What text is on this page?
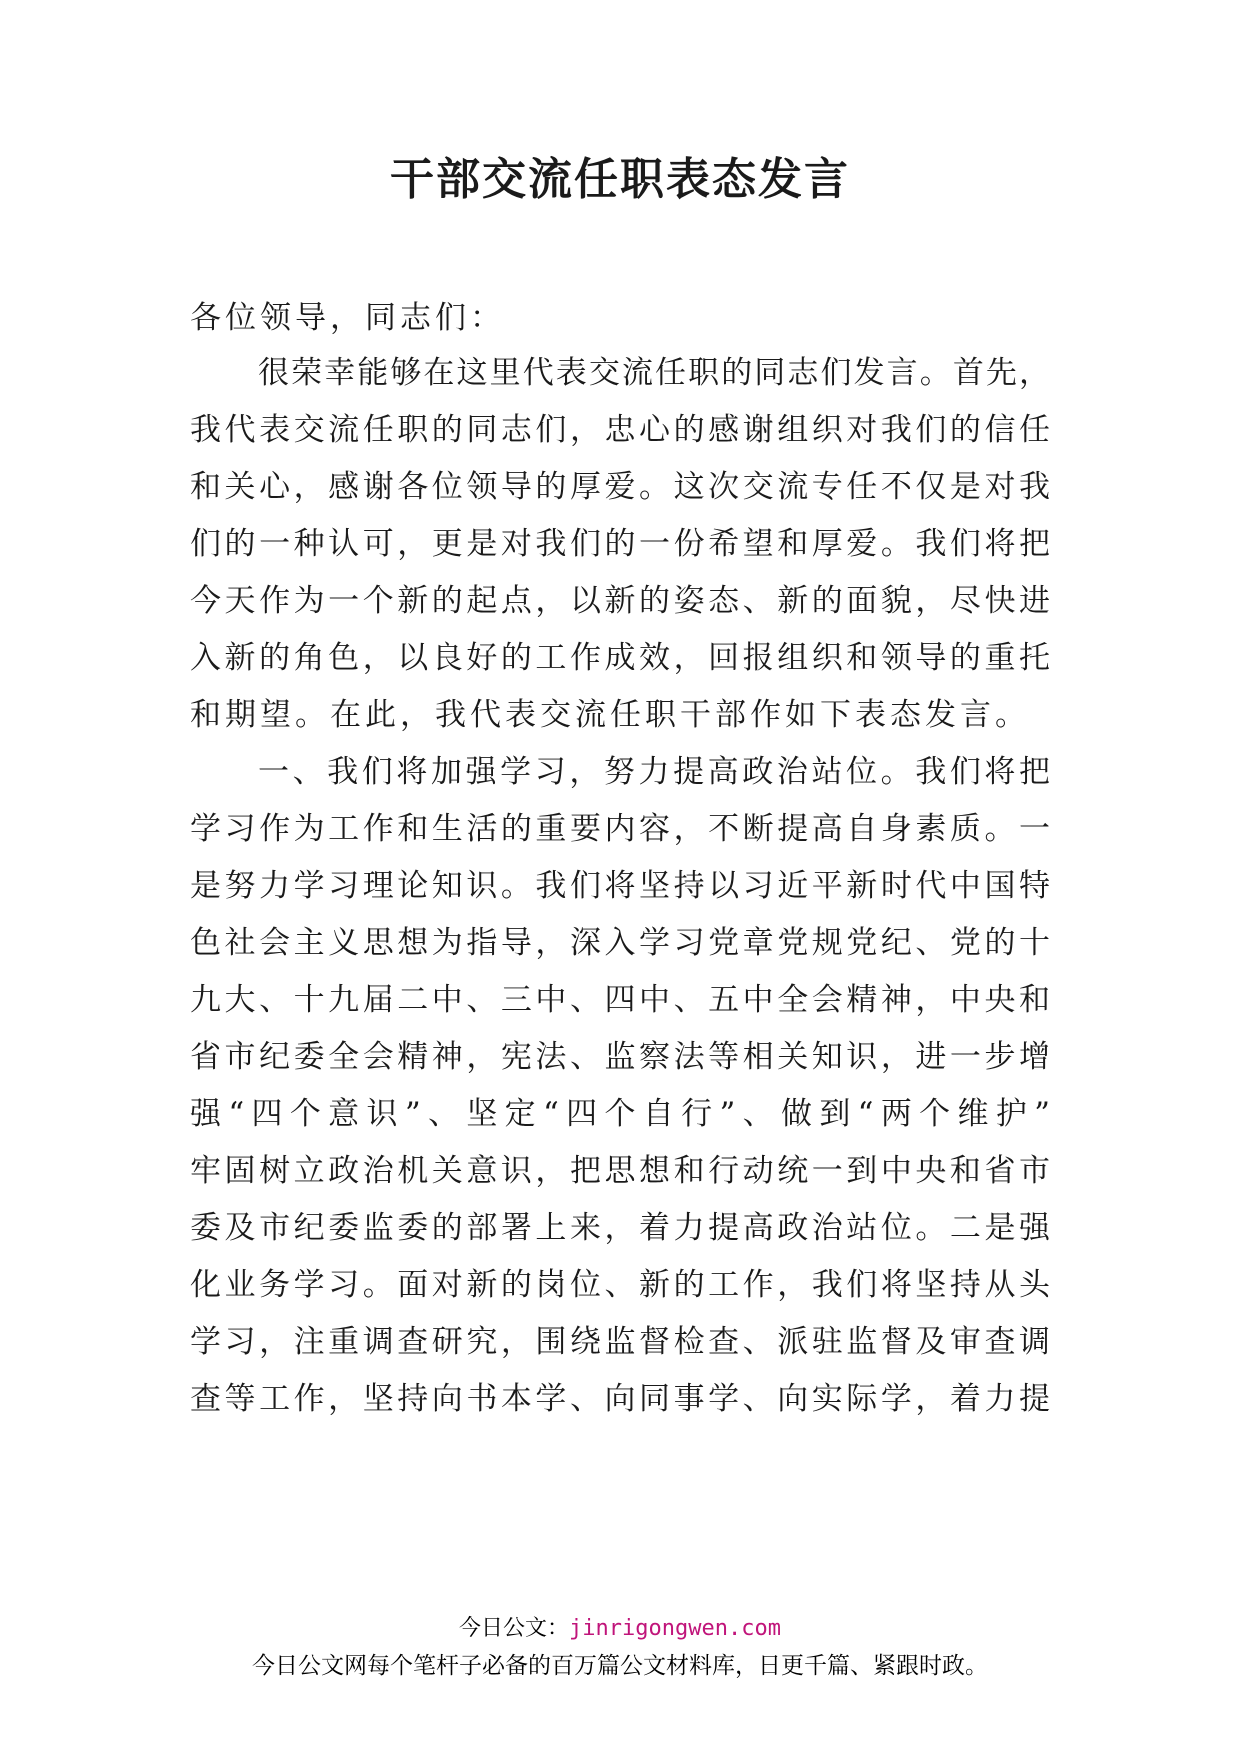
干部交流任职表态发言
各位领导，同志们：
很荣幸能够在这里代表交流任职的同志们发言。首先，
我代表交流任职的同志们，忠心的感谢组织对我们的信任
和关心，感谢各位领导的厚爱。这次交流专任不仅是对我
们的一种认可，更是对我们的一份希望和厚爱。我们将把
今天作为一个新的起点，以新的姿态、新的面貌，尽快进
入新的角色，以良好的工作成效，回报组织和领导的重托
和期望。在此，我代表交流任职干部作如下表态发言。
一、我们将加强学习，努力提高政治站位。我们将把
学习作为工作和生活的重要内容，不断提高自身素质。一
是努力学习理论知识。我们将坚持以习近平新时代中国特
色社会主义思想为指导，深入学习党章党规党纪、党的十
九大、十九届二中、三中、四中、五中全会精神，中央和
省市纪委全会精神，宪法、监察法等相关知识，进一步增
强“四个意识”、坚定“四个自行”、做到“两个维护”
牢固树立政治机关意识，把思想和行动统一到中央和省市
委及市纪委监委的部署上来，着力提高政治站位。二是强
化业务学习。面对新的岗位、新的工作，我们将坚持从头
学习，注重调查研究，围绕监督检查、派驻监督及审查调
查等工作，坚持向书本学、向同事学、向实际学，着力提
今日公文：jinrigongwen.com
今日公文网每个笔杆子必备的百万篇公文材料库，日更千篇、紧跟时政。
